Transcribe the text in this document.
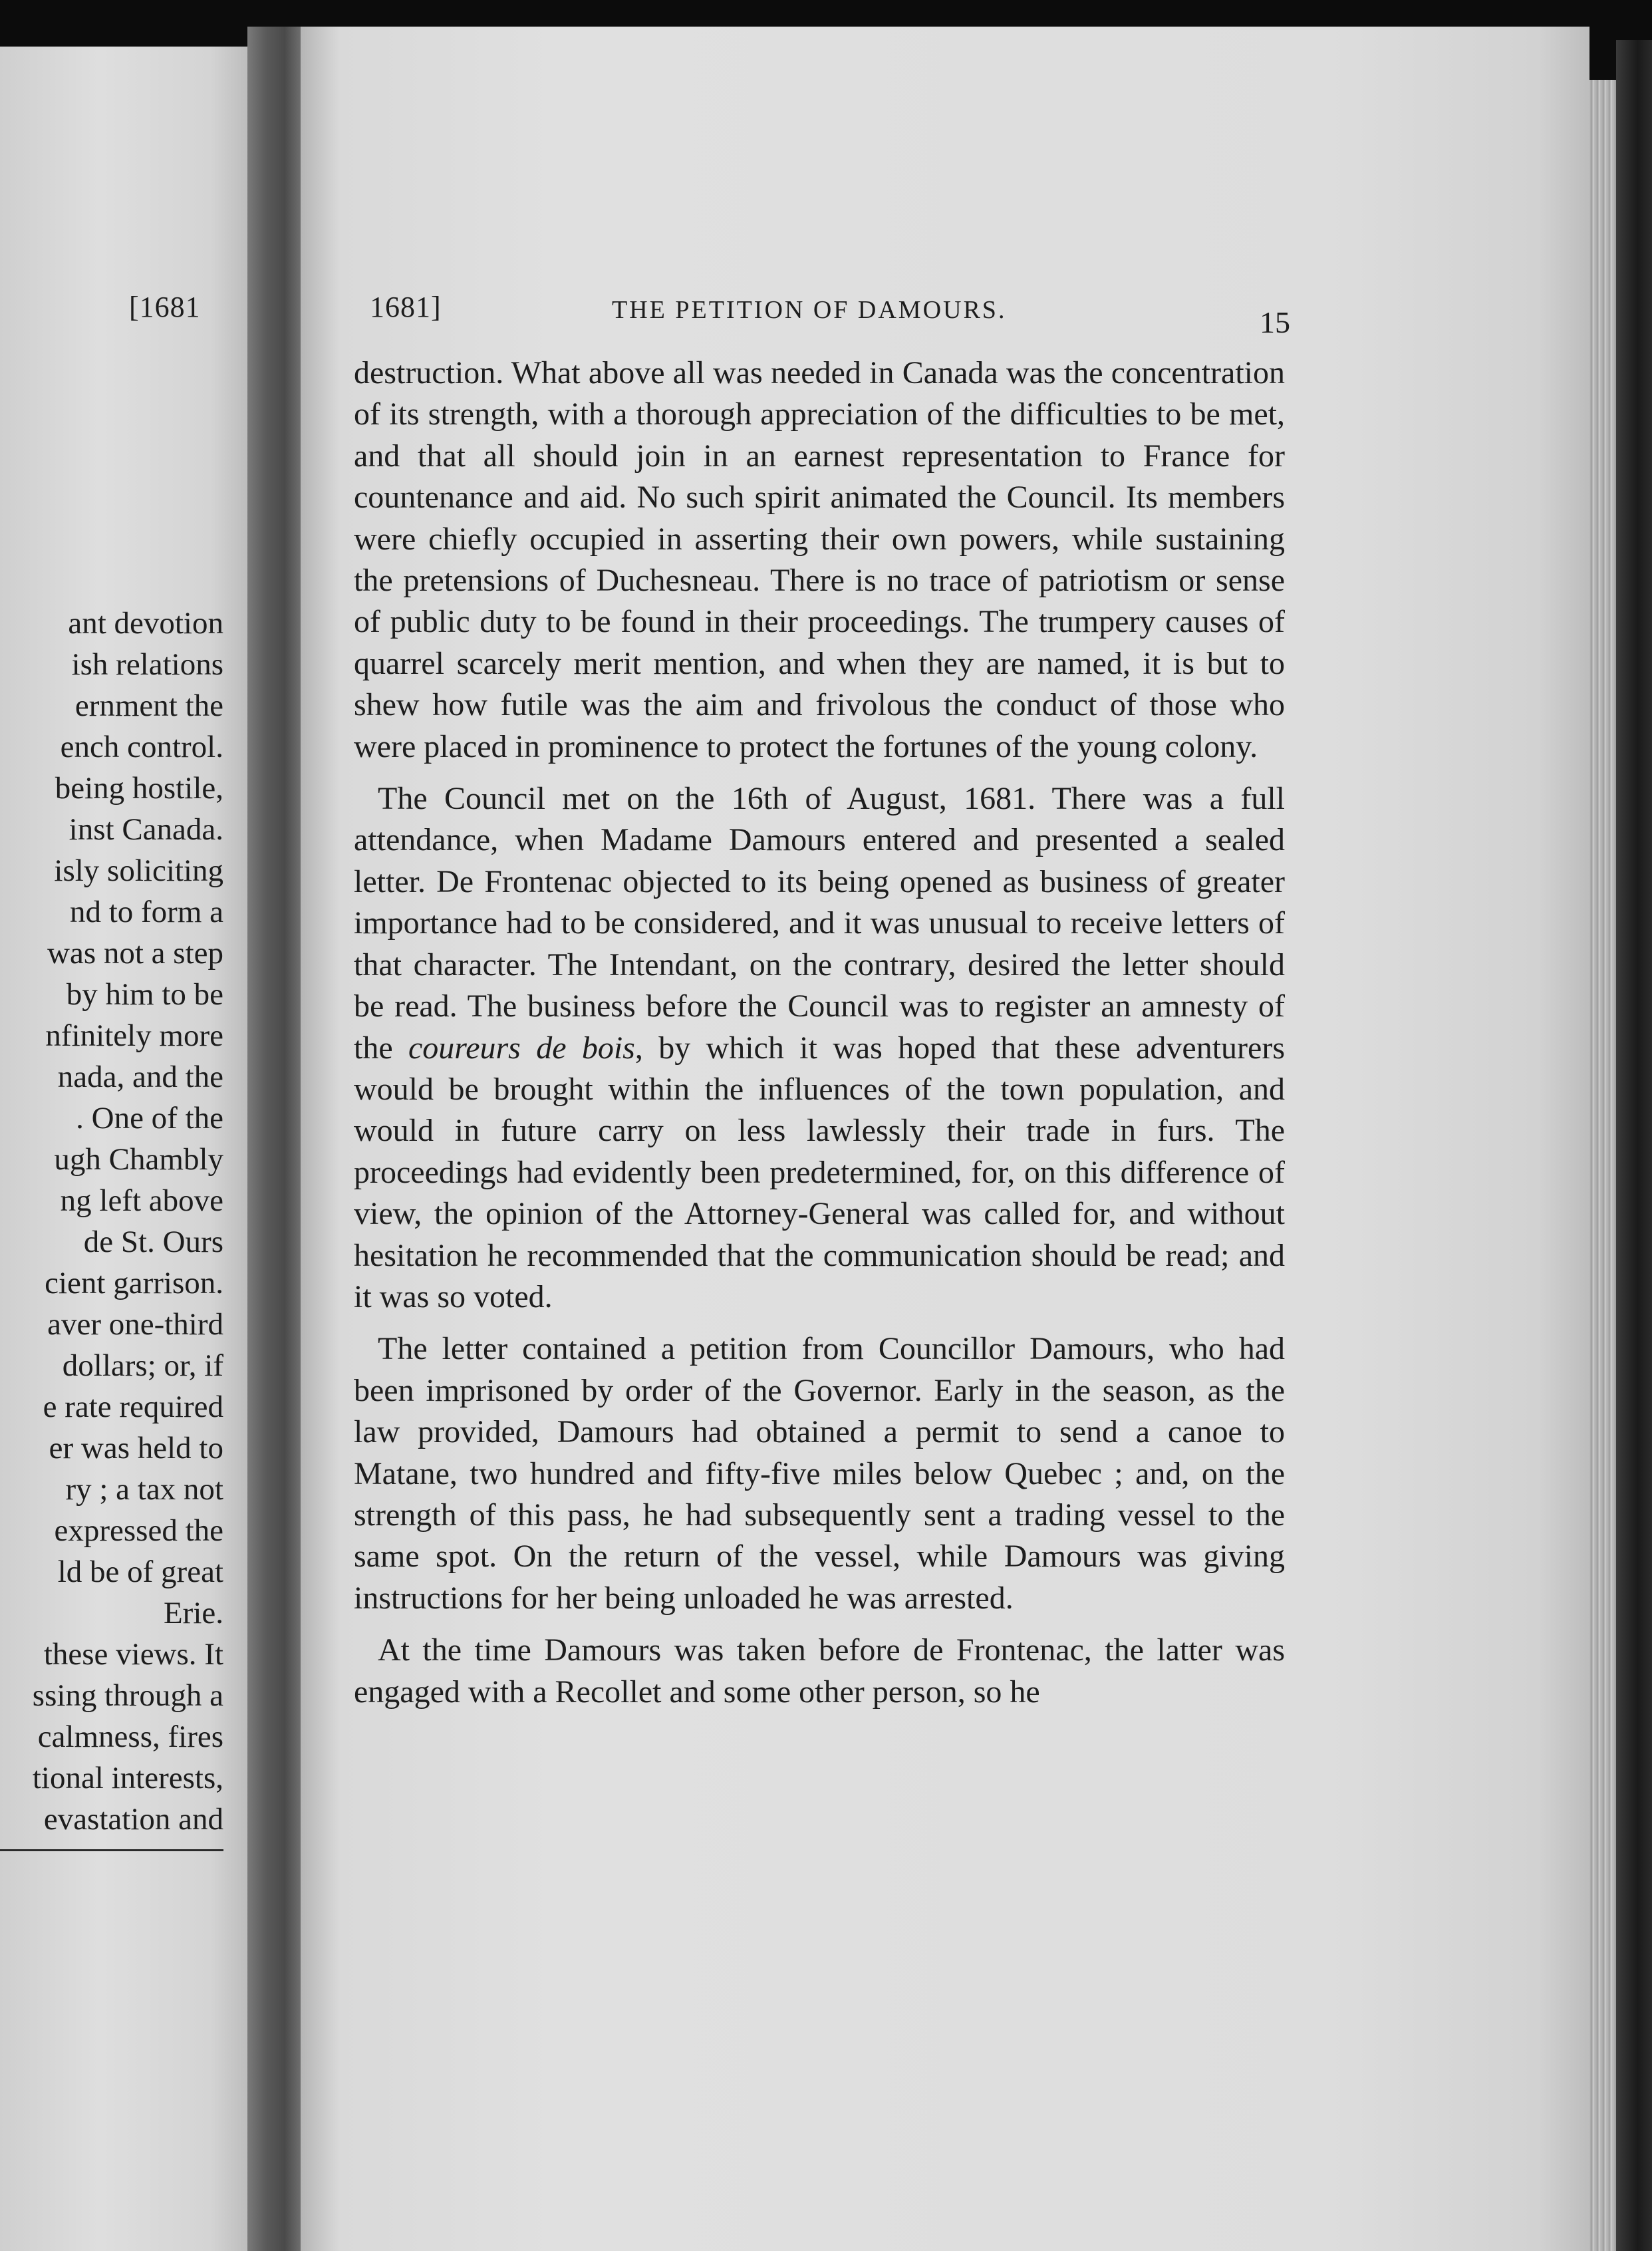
[1681
ant devotion
ish relations
ernment the
ench control.
being hostile,
inst Canada.
isly soliciting
nd to form a
was not a step
by him to be
nfinitely more
nada, and the
. One of the
ugh Chambly
ng left above
de St. Ours
cient garrison.
aver one-third
dollars; or, if
e rate required
er was held to
ry ; a tax not
expressed the
ld be of great
Erie.
these views. It
ssing through a
calmness, fires
tional interests,
evastation and
1681]	THE PETITION OF DAMOURS.	15

destruction. What above all was needed in Canada was the concentration of its strength, with a thorough appreciation of the difficulties to be met, and that all should join in an earnest representation to France for countenance and aid. No such spirit animated the Council. Its members were chiefly occupied in asserting their own powers, while sustaining the pretensions of Duchesneau. There is no trace of patriotism or sense of public duty to be found in their proceedings. The trumpery causes of quarrel scarcely merit mention, and when they are named, it is but to shew how futile was the aim and frivolous the conduct of those who were placed in prominence to protect the fortunes of the young colony.

The Council met on the 16th of August, 1681. There was a full attendance, when Madame Damours entered and presented a sealed letter. De Frontenac objected to its being opened as business of greater importance had to be considered, and it was unusual to receive letters of that character. The Intendant, on the contrary, desired the letter should be read. The business before the Council was to register an amnesty of the coureurs de bois, by which it was hoped that these adventurers would be brought within the influences of the town population, and would in future carry on less lawlessly their trade in furs. The proceedings had evidently been predetermined, for, on this difference of view, the opinion of the Attorney-General was called for, and without hesitation he recommended that the communication should be read; and it was so voted.

The letter contained a petition from Councillor Damours, who had been imprisoned by order of the Governor. Early in the season, as the law provided, Damours had obtained a permit to send a canoe to Matane, two hundred and fifty-five miles below Quebec ; and, on the strength of this pass, he had subsequently sent a trading vessel to the same spot. On the return of the vessel, while Damours was giving instructions for her being unloaded he was arrested.

At the time Damours was taken before de Frontenac, the latter was engaged with a Recollet and some other person, so he
